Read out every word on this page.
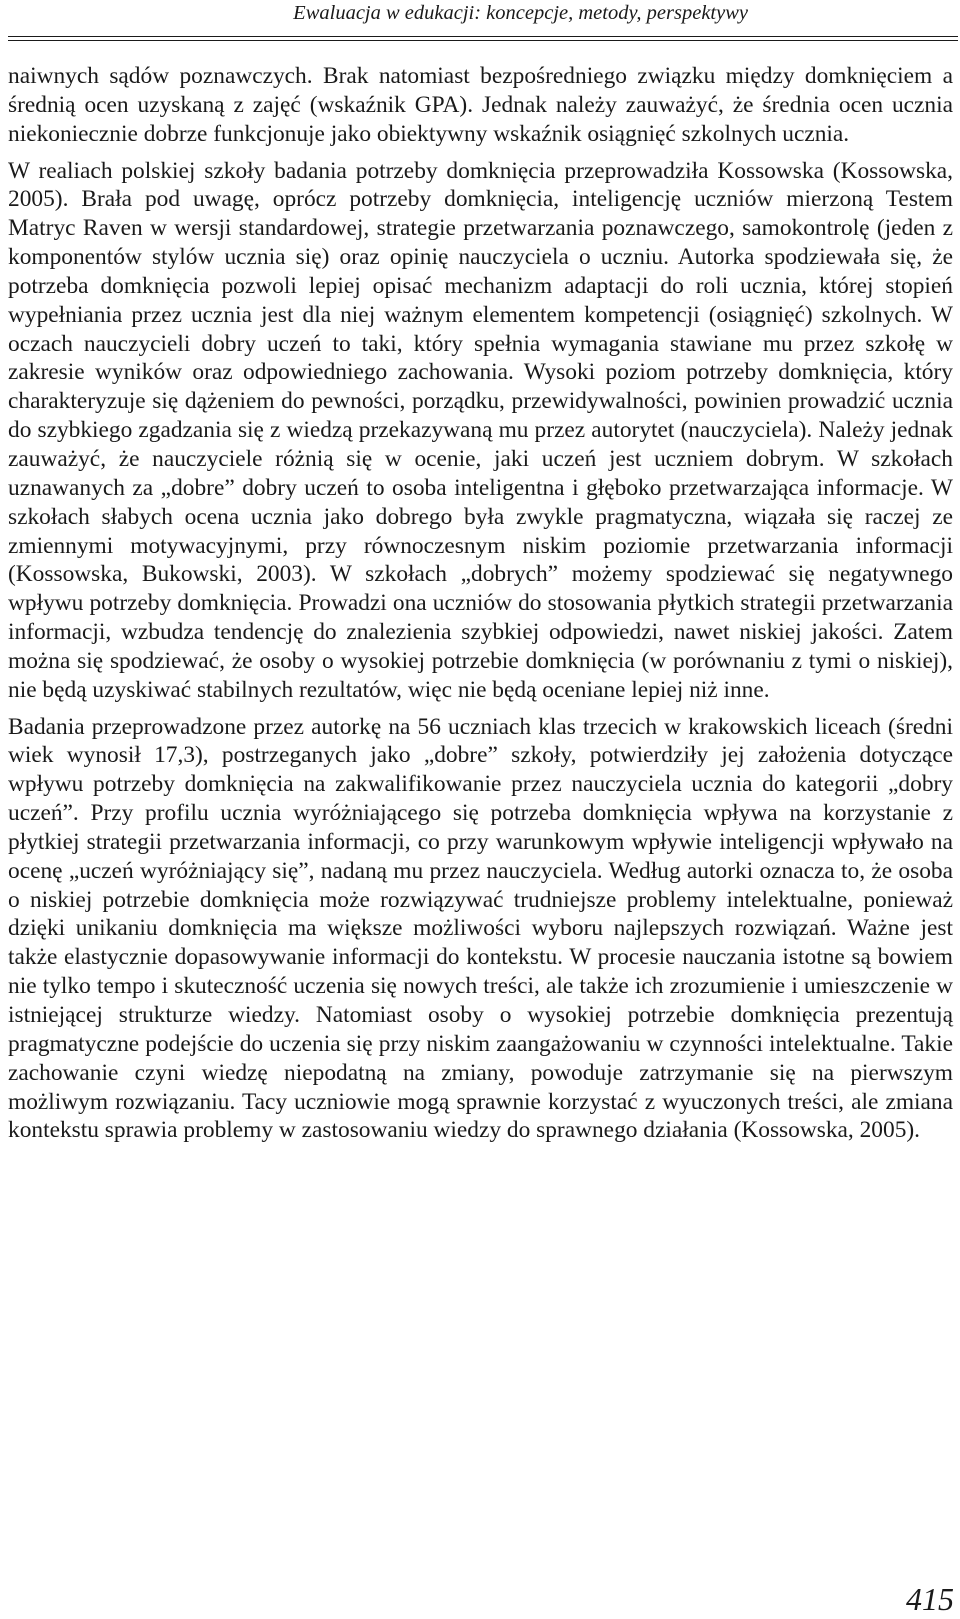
Ewaluacja w edukacji: koncepcje, metody, perspektywy

naiwnych sądów poznawczych. Brak natomiast bezpośredniego związku między domknięciem a średnią ocen uzyskaną z zajęć (wskaźnik GPA). Jednak należy zauważyć, że średnia ocen ucznia niekoniecznie dobrze funkcjonuje jako obiektywny wskaźnik osiągnięć szkolnych ucznia.

W realiach polskiej szkoły badania potrzeby domknięcia przeprowadziła Kossowska (Kossowska, 2005). Brała pod uwagę, oprócz potrzeby domknięcia, inteligencję uczniów mierzoną Testem Matryc Raven w wersji standardowej, strategie przetwarzania poznawczego, samokontrolę (jeden z komponentów stylów ucznia się) oraz opinię nauczyciela o uczniu. Autorka spodziewała się, że potrzeba domknięcia pozwoli lepiej opisać mechanizm adaptacji do roli ucznia, której stopień wypełniania przez ucznia jest dla niej ważnym elementem kompetencji (osiągnięć) szkolnych. W oczach nauczycieli dobry uczeń to taki, który spełnia wymagania stawiane mu przez szkołę w zakresie wyników oraz odpowiedniego zachowania. Wysoki poziom potrzeby domknięcia, który charakteryzuje się dążeniem do pewności, porządku, przewidywalności, powinien prowadzić ucznia do szybkiego zgadzania się z wiedzą przekazywaną mu przez autorytet (nauczyciela). Należy jednak zauważyć, że nauczyciele różnią się w ocenie, jaki uczeń jest uczniem dobrym. W szkołach uznawanych za „dobre” dobry uczeń to osoba inteligentna i głęboko przetwarzająca informacje. W szkołach słabych ocena ucznia jako dobrego była zwykle pragmatyczna, wiązała się raczej ze zmiennymi motywacyjnymi, przy równoczesnym niskim poziomie przetwarzania informacji (Kossowska, Bukowski, 2003). W szkołach „dobrych” możemy spodziewać się negatywnego wpływu potrzeby domknięcia. Prowadzi ona uczniów do stosowania płytkich strategii przetwarzania informacji, wzbudza tendencję do znalezienia szybkiej odpowiedzi, nawet niskiej jakości. Zatem można się spodziewać, że osoby o wysokiej potrzebie domknięcia (w porównaniu z tymi o niskiej), nie będą uzyskiwać stabilnych rezultatów, więc nie będą oceniane lepiej niż inne.

Badania przeprowadzone przez autorkę na 56 uczniach klas trzecich w krakowskich liceach (średni wiek wynosił 17,3), postrzeganych jako „dobre” szkoły, potwierdziły jej założenia dotyczące wpływu potrzeby domknięcia na zakwalifikowanie przez nauczyciela ucznia do kategorii „dobry uczeń”. Przy profilu ucznia wyróżniającego się potrzeba domknięcia wpływa na korzystanie z płytkiej strategii przetwarzania informacji, co przy warunkowym wpływie inteligencji wpływało na ocenę „uczeń wyróżniający się”, nadaną mu przez nauczyciela. Według autorki oznacza to, że osoba o niskiej potrzebie domknięcia może rozwiązywać trudniejsze problemy intelektualne, ponieważ dzięki unikaniu domknięcia ma większe możliwości wyboru najlepszych rozwiązań. Ważne jest także elastycznie dopasowywanie informacji do kontekstu. W procesie nauczania istotne są bowiem nie tylko tempo i skuteczność uczenia się nowych treści, ale także ich zrozumienie i umieszczenie w istniejącej strukturze wiedzy. Natomiast osoby o wysokiej potrzebie domknięcia prezentują pragmatyczne podejście do uczenia się przy niskim zaangażowaniu w czynności intelektualne. Takie zachowanie czyni wiedzę niepodatną na zmiany, powoduje zatrzymanie się na pierwszym możliwym rozwiązaniu. Tacy uczniowie mogą sprawnie korzystać z wyuczonych treści, ale zmiana kontekstu sprawia problemy w zastosowaniu wiedzy do sprawnego działania (Kossowska, 2005).

415
